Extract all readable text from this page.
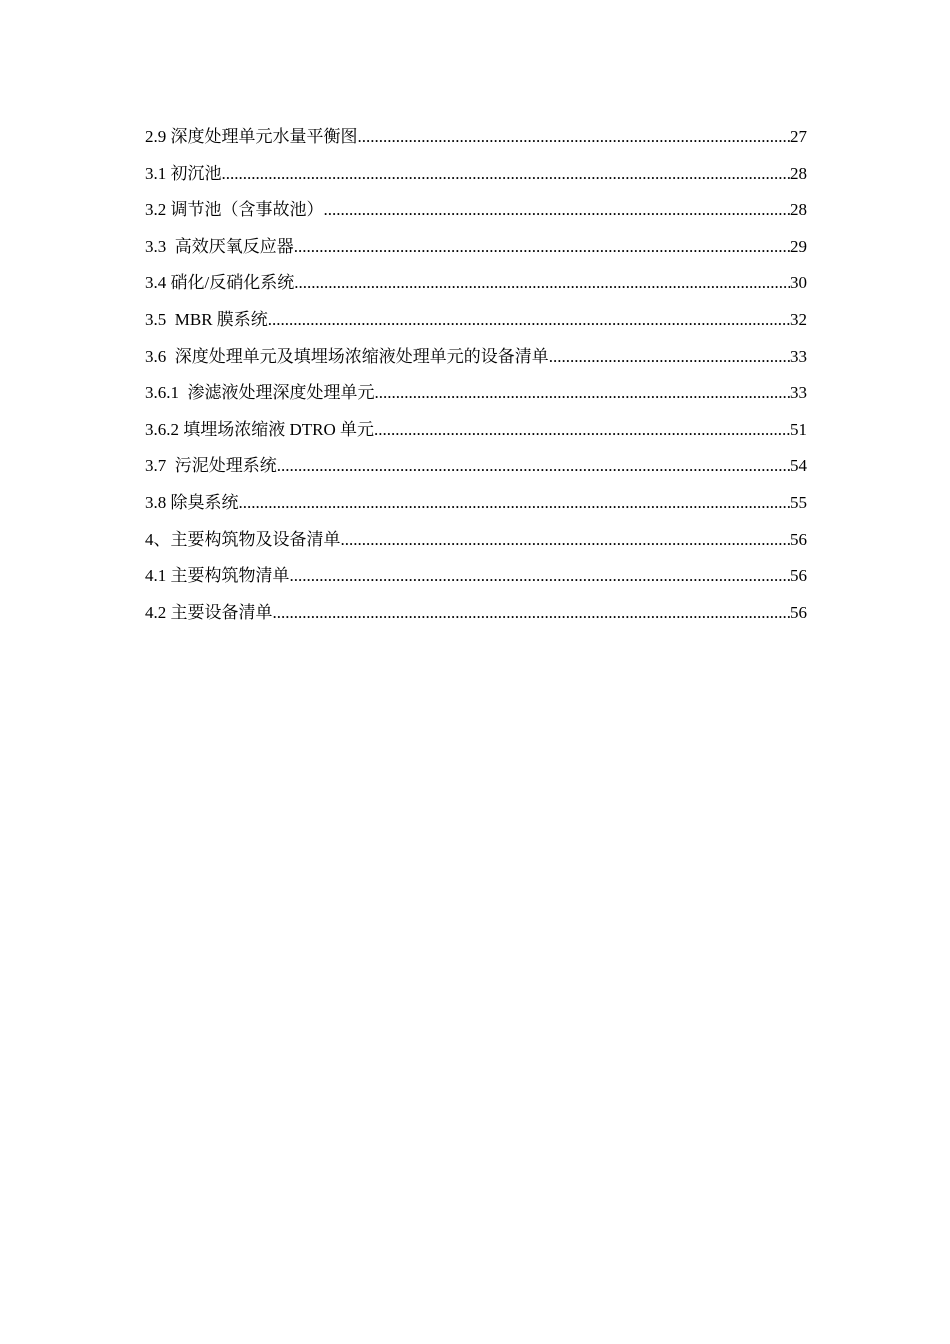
2.9 深度处理单元水量平衡图 .....	27
3.1 初沉池 .....	28
3.2 调节池（含事故池） .....	28
3.3  高效厌氧反应器 .....	29
3.4 硝化/反硝化系统 .....	30
3.5  MBR 膜系统 .....	32
3.6  深度处理单元及填埋场浓缩液处理单元的设备清单 .....	33
3.6.1  渗滤液处理深度处理单元 .....	33
3.6.2 填埋场浓缩液 DTRO 单元 .....	51
3.7  污泥处理系统 .....	54
3.8 除臭系统 .....	55
4、主要构筑物及设备清单 .....	56
4.1 主要构筑物清单 .....	56
4.2 主要设备清单 .....	56
